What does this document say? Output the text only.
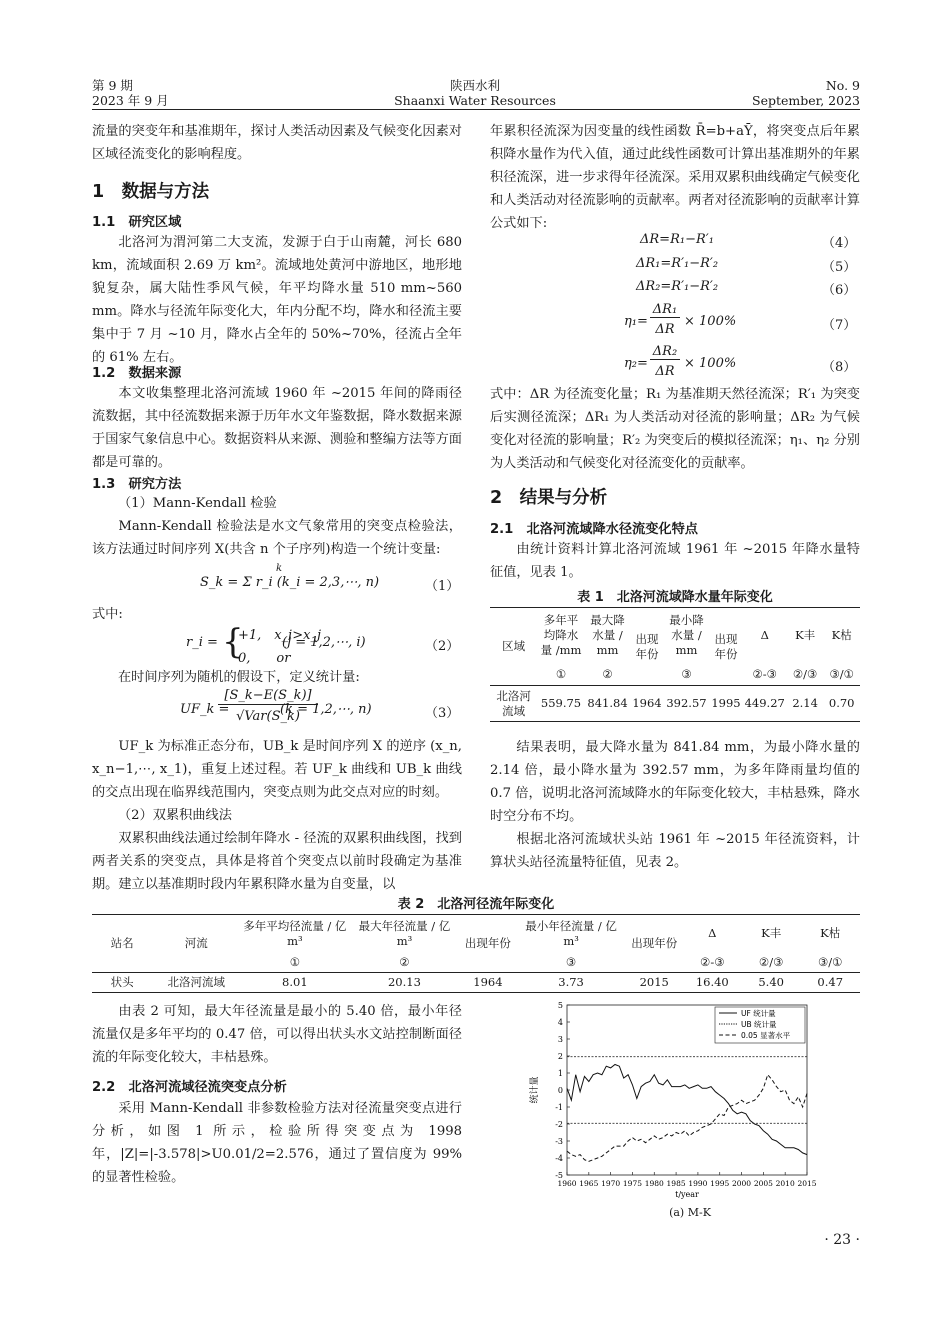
第 9 期
2023 年 9 月
陕西水利
Shaanxi Water Resources
No. 9
September, 2023
流量的突变年和基准期年，探讨人类活动因素及气候变化因素对区域径流变化的影响程度。
1　数据与方法
1.1　研究区域
北洛河为渭河第二大支流，发源于白于山南麓，河长 680 km，流域面积 2.69 万 km²。流域地处黄河中游地区，地形地貌复杂，属大陆性季风气候，年平均降水量 510 mm~560 mm。降水与径流年际变化大，年内分配不均，降水和径流主要集中于 7 月 ~10 月，降水占全年的 50%~70%，径流占全年的 61% 左右。
1.2　数据来源
本文收集整理北洛河流域 1960 年 ~2015 年间的降雨径流数据，其中径流数据来源于历年水文年鉴数据，降水数据来源于国家气象信息中心。数据资料从来源、测验和整编方法等方面都是可靠的。
1.3　研究方法
（1）Mann-Kendall 检验
Mann-Kendall 检验法是水文气象常用的突变点检验法，该方法通过时间序列 X(共含 n 个子序列)构造一个统计变量:
k
S_k = Σ r_i (k_i = 2,3,⋯, n)	（1）
式中:
r_i = {
+1,　x_i>x_j
0,　　or
(j = 1,2,⋯, i)	（2）
在时间序列为随机的假设下，定义统计量:
UF_k =
[S_k−E(S_k)]
√Var(S_k)
(k = 1,2,⋯, n)	（3）
UF_k 为标准正态分布，UB_k 是时间序列 X 的逆序 (x_n, x_n−1,⋯, x_1)，重复上述过程。若 UF_k 曲线和 UB_k 曲线的交点出现在临界线范围内，突变点则为此交点对应的时刻。
（2）双累积曲线法
双累积曲线法通过绘制年降水 - 径流的双累积曲线图，找到两者关系的突变点，具体是将首个突变点以前时段确定为基准期。建立以基准期时段内年累积降水量为自变量，以
年累积径流深为因变量的线性函数 R̄=b+aȲ，将突变点后年累积降水量作为代入值，通过此线性函数可计算出基准期外的年累积径流深，进一步求得年径流深。采用双累积曲线确定气候变化和人类活动对径流影响的贡献率。两者对径流影响的贡献率计算公式如下:
ΔR=R₁−R′₁	（4）
ΔR₁=R′₁−R′₂	（5）
ΔR₂=R′₁−R′₂	（6）
η₁=
ΔR₁
ΔR
× 100%	（7）
η₂=
ΔR₂
ΔR
× 100%	（8）
式中：ΔR 为径流变化量；R₁ 为基准期天然径流深；R′₁ 为突变后实测径流深；ΔR₁ 为人类活动对径流的影响量；ΔR₂ 为气候变化对径流的影响量；R′₂ 为突变后的模拟径流深；η₁、η₂ 分别为人类活动和气候变化对径流变化的贡献率。
2　结果与分析
2.1　北洛河流域降水径流变化特点
由统计资料计算北洛河流域 1961 年 ~2015 年降水量特征值，见表 1。
表 1　北洛河流域降水量年际变化
区域	多年平均降水量 /mm	最大降水量 / mm	出现年份	最小降水量 / mm	出现年份	Δ	K丰	K枯
	①	②		③		②-③	②/③	③/①
北洛河流域	559.75	841.84	1964	392.57	1995	449.27	2.14	0.70
结果表明，最大降水量为 841.84 mm，为最小降水量的 2.14 倍，最小降水量为 392.57 mm，为多年降雨量均值的 0.7 倍，说明北洛河流域降水的年际变化较大，丰枯悬殊，降水时空分布不均。
根据北洛河流域状头站 1961 年 ~2015 年径流资料，计算状头站径流量特征值，见表 2。
表 2　北洛河径流年际变化
站名	河流	多年平均径流量 / 亿 m³	最大年径流量 / 亿 m³	出现年份	最小年径流量 / 亿 m³	出现年份	Δ	K丰	K枯
		①	②		③		②-③	②/③	③/①
状头	北洛河流域	8.01	20.13	1964	3.73	2015	16.40	5.40	0.47
由表 2 可知，最大年径流量是最小的 5.40 倍，最小年径流量仅是多年平均的 0.47 倍，可以得出状头水文站控制断面径流的年际变化较大，丰枯悬殊。
2.2　北洛河流域径流突变点分析
采用 Mann-Kendall 非参数检验方法对径流量突变点进行分析，如图 1 所示，检验所得突变点为 1998 年，|Z|=|-3.578|>U0.01/2=2.576，通过了置信度为 99% 的显著性检验。
5
4
3
2
1
0
-1
-2
-3
-4
-5
1960 1965 1970 1975 1980 1985 1990 1995 2000 2005 2010 2015
t/year
统计量
UF 统计量
UB 统计量
0.05 显著水平
(a) M-K
· 23 ·
